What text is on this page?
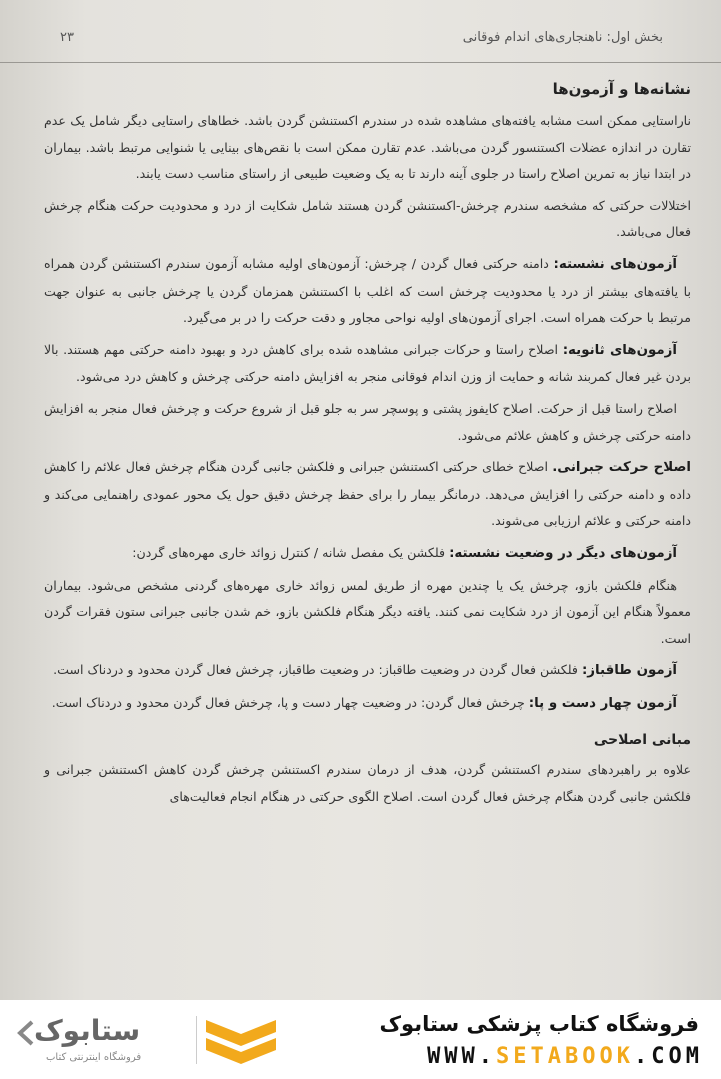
بخش اول: ناهنجاری‌های اندام فوقانی
۲۳
نشانه‌ها و آزمون‌ها

ناراستایی ممکن است مشابه یافته‌های مشاهده شده در سندرم اکستنشن گردن باشد. خطاهای راستایی دیگر شامل یک عدم تقارن در اندازه عضلات اکستنسور گردن می‌باشد. عدم تقارن ممکن است با نقص‌های بینایی یا شنوایی مرتبط باشد. بیماران در ابتدا نیاز به تمرین اصلاح راستا در جلوی آینه دارند تا به یک وضعیت طبیعی از راستای مناسب دست یابند.

اختلالات حرکتی که مشخصه سندرم چرخش-اکستنشن گردن هستند شامل شکایت از درد و محدودیت حرکت هنگام چرخش فعال می‌باشد.

آزمون‌های نشسته: دامنه حرکتی فعال گردن / چرخش: آزمون‌های اولیه مشابه آزمون سندرم اکستنشن گردن همراه با یافته‌های بیشتر از درد یا محدودیت چرخش است که اغلب با اکستنشن همزمان گردن یا چرخش جانبی به عنوان جهت مرتبط با حرکت همراه است. اجرای آزمون‌های اولیه نواحی مجاور و دقت حرکت را در بر می‌گیرد.

آزمون‌های ثانویه: اصلاح راستا و حرکات جبرانی مشاهده شده برای کاهش درد و بهبود دامنه حرکتی مهم هستند. بالا بردن غیر فعال کمربند شانه و حمایت از وزن اندام فوقانی منجر به افزایش دامنه حرکتی چرخش و کاهش درد می‌شود.

اصلاح راستا قبل از حرکت. اصلاح کایفوز پشتی و پوسچر سر به جلو قبل از شروع حرکت و چرخش فعال منجر به افزایش دامنه حرکتی چرخش و کاهش علائم می‌شود.

اصلاح حرکت جبرانی. اصلاح خطای حرکتی اکستنشن جبرانی و فلکشن جانبی گردن هنگام چرخش فعال علائم را کاهش داده و دامنه حرکتی را افزایش می‌دهد. درمانگر بیمار را برای حفظ چرخش دقیق حول یک محور عمودی راهنمایی می‌کند و دامنه حرکتی و علائم ارزیابی می‌شوند.

آزمون‌های دیگر در وضعیت نشسته: فلکشن یک مفصل شانه / کنترل زوائد خاری مهره‌های گردن:

هنگام فلکشن بازو، چرخش یک یا چندین مهره از طریق لمس زوائد خاری مهره‌های گردنی مشخص می‌شود. بیماران معمولاً هنگام این آزمون از درد شکایت نمی کنند. یافته دیگر هنگام فلکشن بازو، خم شدن جانبی جبرانی ستون فقرات گردن است.

آزمون طاقباز: فلکشن فعال گردن در وضعیت طاقباز: در وضعیت طاقباز، چرخش فعال گردن محدود و دردناک است.

آزمون چهار دست و پا: چرخش فعال گردن: در وضعیت چهار دست و پا، چرخش فعال گردن محدود و دردناک است.

مبانی اصلاحی

علاوه بر راهبردهای سندرم اکستنشن گردن، هدف از درمان سندرم اکستنشن چرخش گردن کاهش اکستنشن جبرانی و فلکشن جانبی گردن هنگام چرخش فعال گردن است. اصلاح الگوی حرکتی در هنگام انجام فعالیت‌های

فروشگاه کتاب پزشکی ستابوک
WWW.SETABOOK.COM
ستابوک
فروشگاه اینترنتی کتاب
